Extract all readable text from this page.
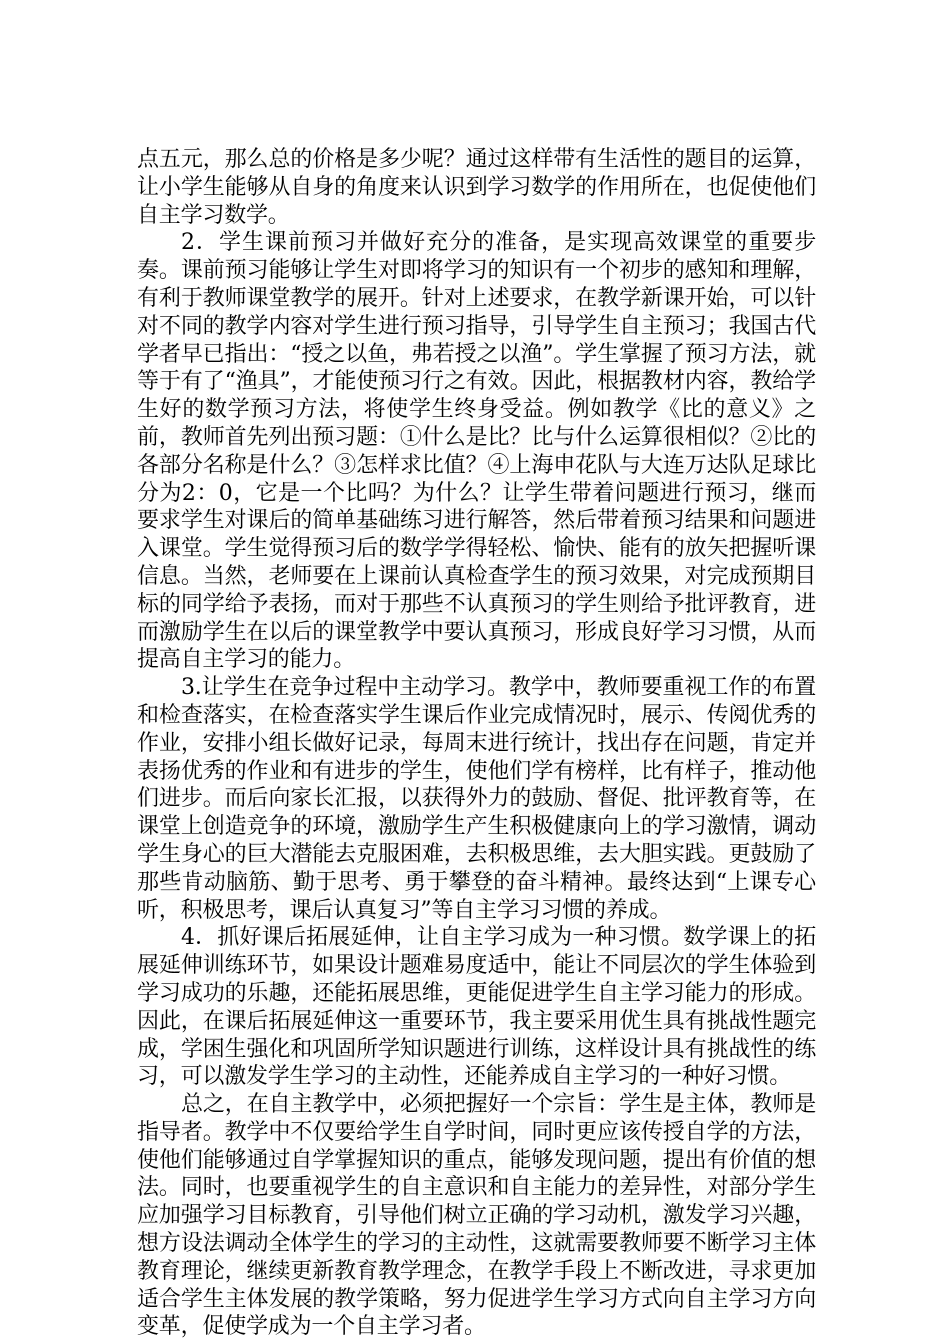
点五元，那么总的价格是多少呢？通过这样带有生活性的题目的运算，让小学生能够从自身的角度来认识到学习数学的作用所在，也促使他们自主学习数学。

2．学生课前预习并做好充分的准备，是实现高效课堂的重要步奏。课前预习能够让学生对即将学习的知识有一个初步的感知和理解，有利于教师课堂教学的展开。针对上述要求，在教学新课开始，可以针对不同的教学内容对学生进行预习指导，引导学生自主预习；我国古代学者早已指出：“授之以鱼，弗若授之以渔”。学生掌握了预习方法，就等于有了“渔具”，才能使预习行之有效。因此，根据教材内容，教给学生好的数学预习方法，将使学生终身受益。例如教学《比的意义》之前，教师首先列出预习题：①什么是比？比与什么运算很相似？②比的各部分名称是什么？③怎样求比值？④上海申花队与大连万达队足球比分为2：0，它是一个比吗？为什么？让学生带着问题进行预习，继而要求学生对课后的简单基础练习进行解答，然后带着预习结果和问题进入课堂。学生觉得预习后的数学学得轻松、愉快、能有的放矢把握听课信息。当然，老师要在上课前认真检查学生的预习效果，对完成预期目标的同学给予表扬，而对于那些不认真预习的学生则给予批评教育，进而激励学生在以后的课堂教学中要认真预习，形成良好学习习惯，从而提高自主学习的能力。

3.让学生在竞争过程中主动学习。教学中，教师要重视工作的布置和检查落实，在检查落实学生课后作业完成情况时，展示、传阅优秀的作业，安排小组长做好记录，每周末进行统计，找出存在问题，肯定并表扬优秀的作业和有进步的学生，使他们学有榜样，比有样子，推动他们进步。而后向家长汇报，以获得外力的鼓励、督促、批评教育等，在课堂上创造竞争的环境，激励学生产生积极健康向上的学习激情，调动学生身心的巨大潜能去克服困难，去积极思维，去大胆实践。更鼓励了那些肯动脑筋、勤于思考、勇于攀登的奋斗精神。最终达到“上课专心听，积极思考，课后认真复习”等自主学习习惯的养成。

4．抓好课后拓展延伸，让自主学习成为一种习惯。数学课上的拓展延伸训练环节，如果设计题难易度适中，能让不同层次的学生体验到学习成功的乐趣，还能拓展思维，更能促进学生自主学习能力的形成。因此，在课后拓展延伸这一重要环节，我主要采用优生具有挑战性题完成，学困生强化和巩固所学知识题进行训练，这样设计具有挑战性的练习，可以激发学生学习的主动性，还能养成自主学习的一种好习惯。

总之，在自主教学中，必须把握好一个宗旨：学生是主体，教师是指导者。教学中不仅要给学生自学时间，同时更应该传授自学的方法，使他们能够通过自学掌握知识的重点，能够发现问题，提出有价值的想法。同时，也要重视学生的自主意识和自主能力的差异性，对部分学生应加强学习目标教育，引导他们树立正确的学习动机，激发学习兴趣，想方设法调动全体学生的学习的主动性，这就需要教师要不断学习主体教育理论，继续更新教育教学理念，在教学手段上不断改进，寻求更加适合学生主体发展的教学策略，努力促进学生学习方式向自主学习方向变革，促使学成为一个自主学习者。
